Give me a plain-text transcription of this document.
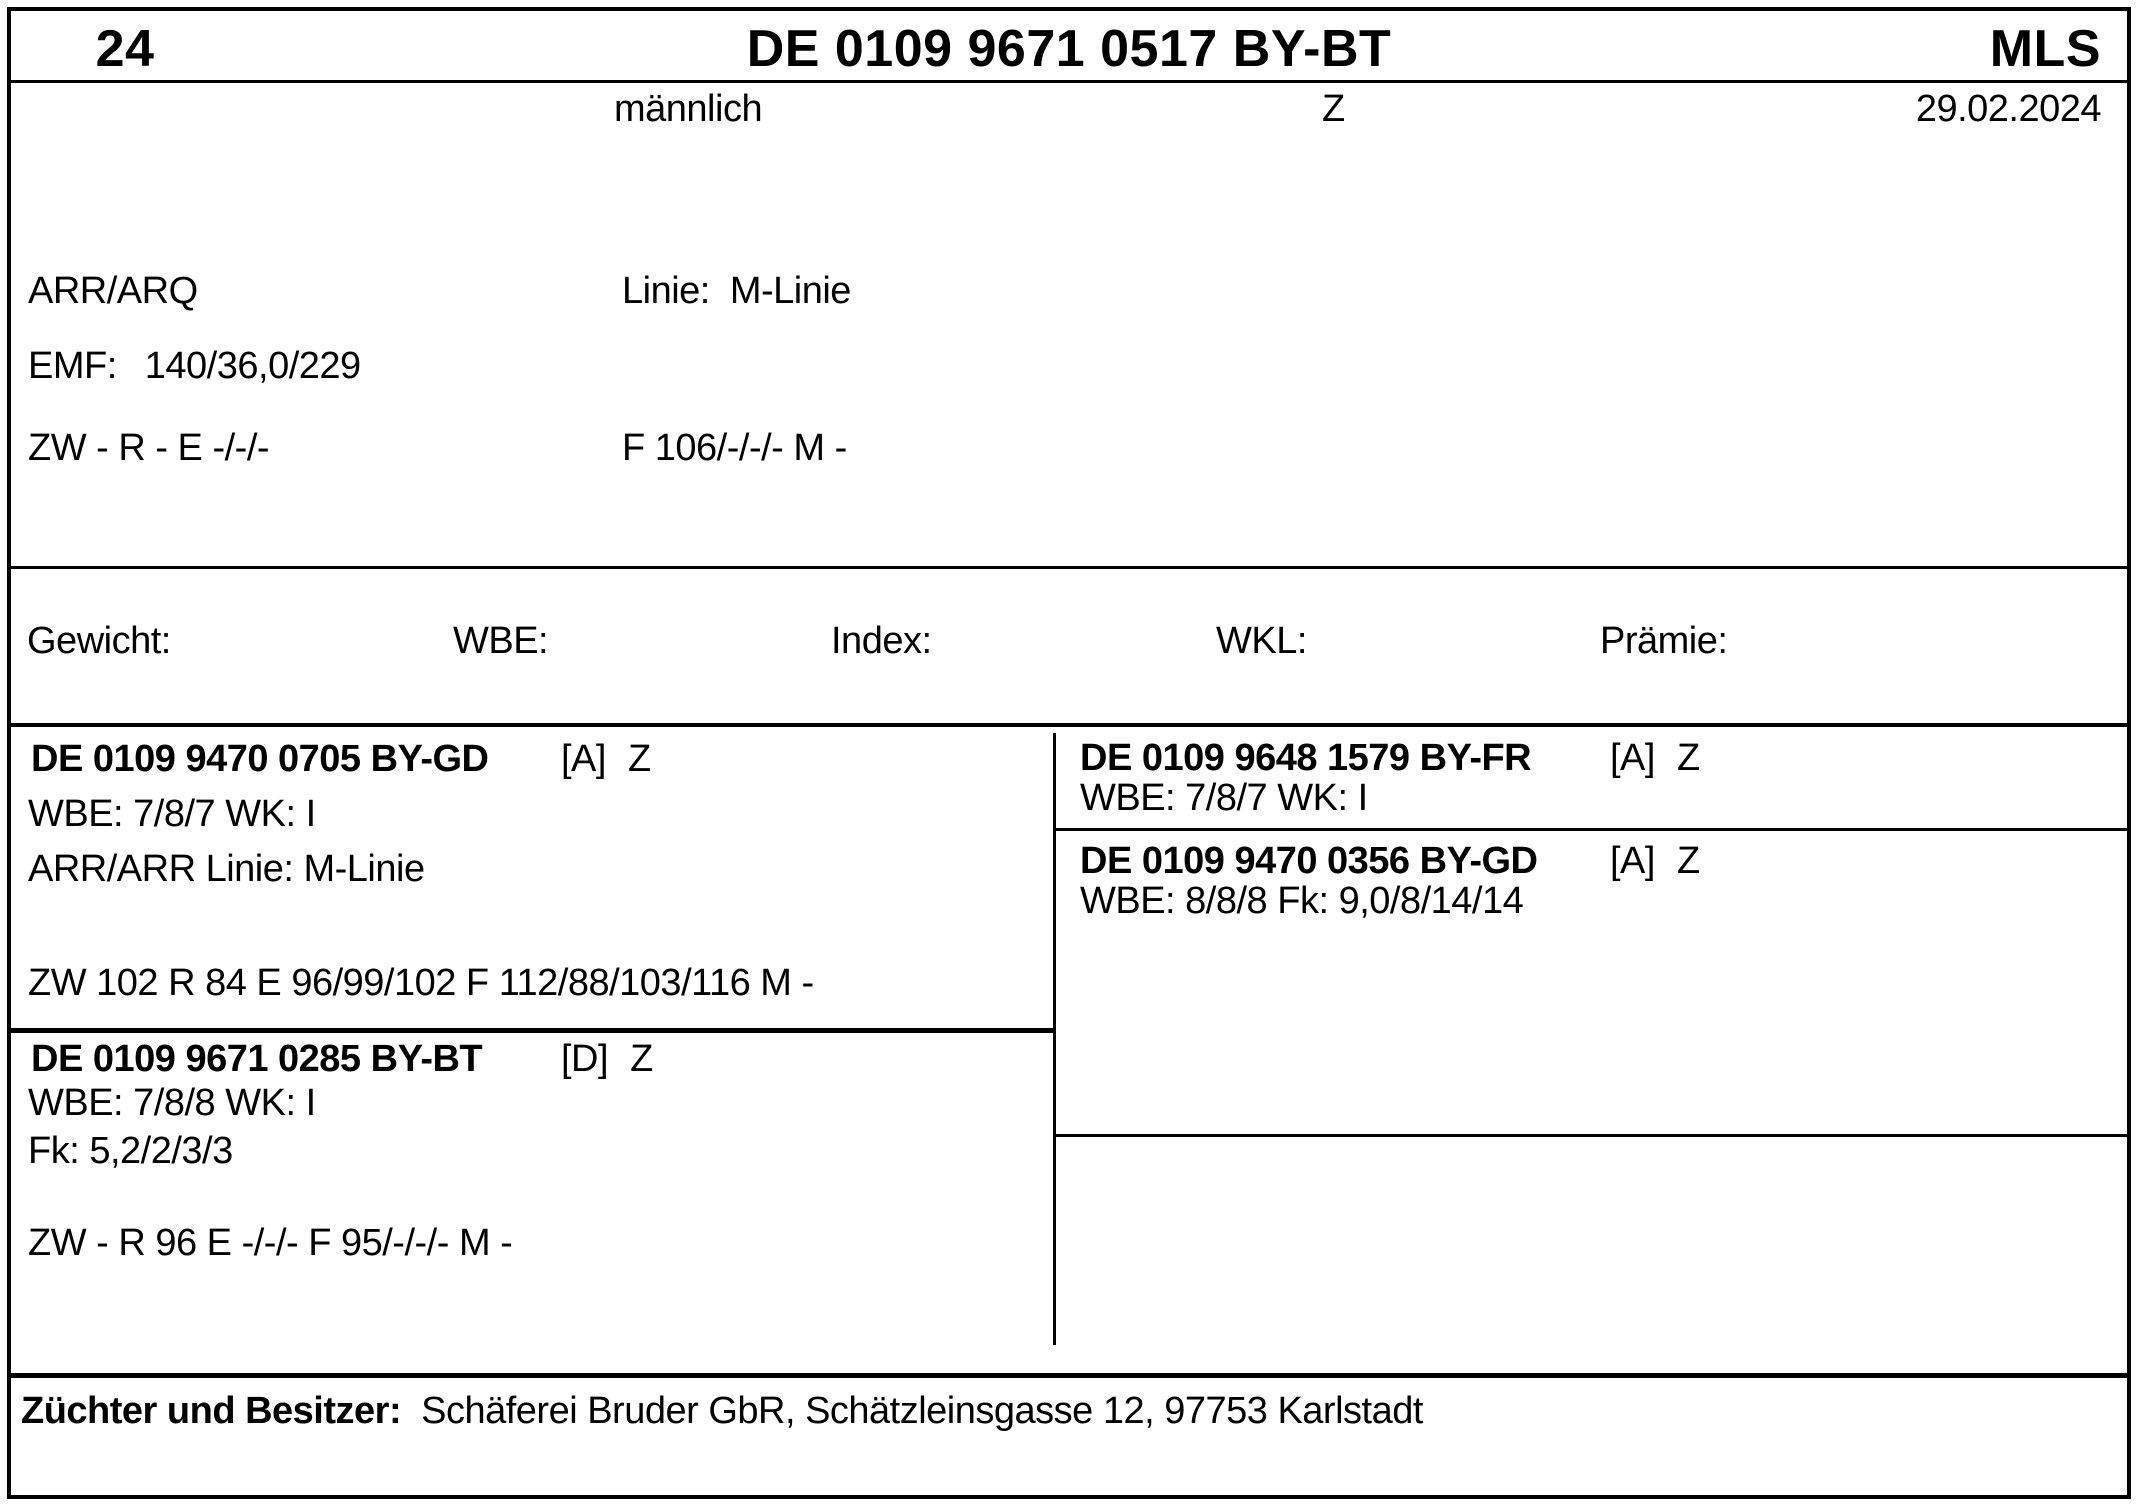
24	DE 0109 9671 0517 BY-BT	MLS
männlich	Z	29.02.2024
ARR/ARQ	Linie: M-Linie
EMF: 140/36,0/229
ZW - R - E -/-/-	F 106/-/-/- M -
Gewicht:	WBE:	Index:	WKL:	Prämie:
DE 0109 9470 0705 BY-GD	[A] Z
WBE: 7/8/7 WK: I
ARR/ARR Linie: M-Linie
ZW 102 R 84 E 96/99/102 F 112/88/103/116 M -
DE 0109 9671 0285 BY-BT	[D] Z
WBE: 7/8/8 WK: I
Fk: 5,2/2/3/3
ZW - R 96 E -/-/- F 95/-/-/- M -
DE 0109 9648 1579 BY-FR	[A] Z
WBE: 7/8/7 WK: I
DE 0109 9470 0356 BY-GD	[A] Z
WBE: 8/8/8 Fk: 9,0/8/14/14
Züchter und Besitzer: Schäferei Bruder GbR, Schätzleinsgasse 12, 97753 Karlstadt
